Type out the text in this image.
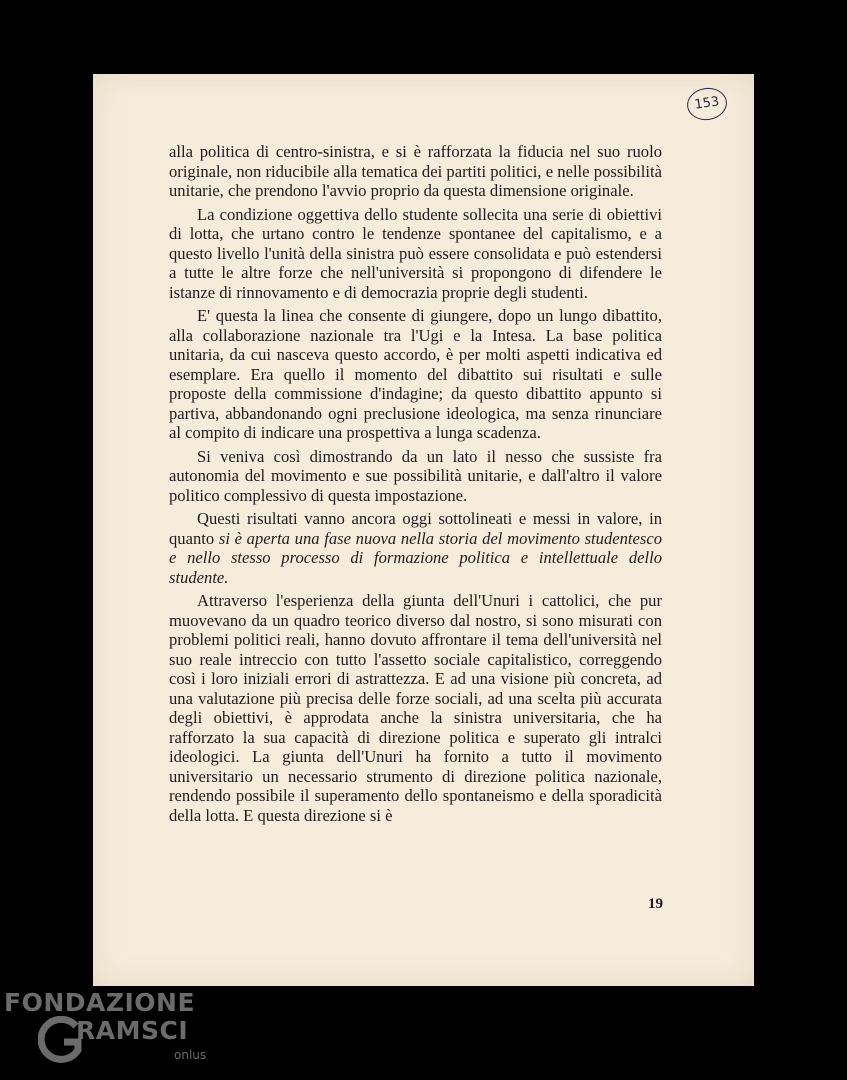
153

alla politica di centro-sinistra, e si è rafforzata la fiducia nel suo ruolo originale, non riducibile alla tematica dei partiti politici, e nelle possibilità unitarie, che prendono l'avvio proprio da questa dimensione originale.

La condizione oggettiva dello studente sollecita una serie di obiettivi di lotta, che urtano contro le tendenze spontanee del capitalismo, e a questo livello l'unità della sinistra può essere consolidata e può estendersi a tutte le altre forze che nell'università si propongono di difendere le istanze di rinnovamento e di democrazia proprie degli studenti.

E' questa la linea che consente di giungere, dopo un lungo dibattito, alla collaborazione nazionale tra l'Ugi e la Intesa. La base politica unitaria, da cui nasceva questo accordo, è per molti aspetti indicativa ed esemplare. Era quello il momento del dibattito sui risultati e sulle proposte della commissione d'indagine; da questo dibattito appunto si partiva, abbandonando ogni preclusione ideologica, ma senza rinunciare al compito di indicare una prospettiva a lunga scadenza.

Si veniva così dimostrando da un lato il nesso che sussiste fra autonomia del movimento e sue possibilità unitarie, e dall'altro il valore politico complessivo di questa impostazione.

Questi risultati vanno ancora oggi sottolineati e messi in valore, in quanto si è aperta una fase nuova nella storia del movimento studentesco e nello stesso processo di formazione politica e intellettuale dello studente.

Attraverso l'esperienza della giunta dell'Unuri i cattolici, che pur muovevano da un quadro teorico diverso dal nostro, si sono misurati con problemi politici reali, hanno dovuto affrontare il tema dell'università nel suo reale intreccio con tutto l'assetto sociale capitalistico, correggendo così i loro iniziali errori di astrattezza. E ad una visione più concreta, ad una valutazione più precisa delle forze sociali, ad una scelta più accurata degli obiettivi, è approdata anche la sinistra universitaria, che ha rafforzato la sua capacità di direzione politica e superato gli intralci ideologici. La giunta dell'Unuri ha fornito a tutto il movimento universitario un necessario strumento di direzione politica nazionale, rendendo possibile il superamento dello spontaneismo e della sporadicità della lotta. E questa direzione si è

19
FONDAZIONE
RAMSCI
onlus
